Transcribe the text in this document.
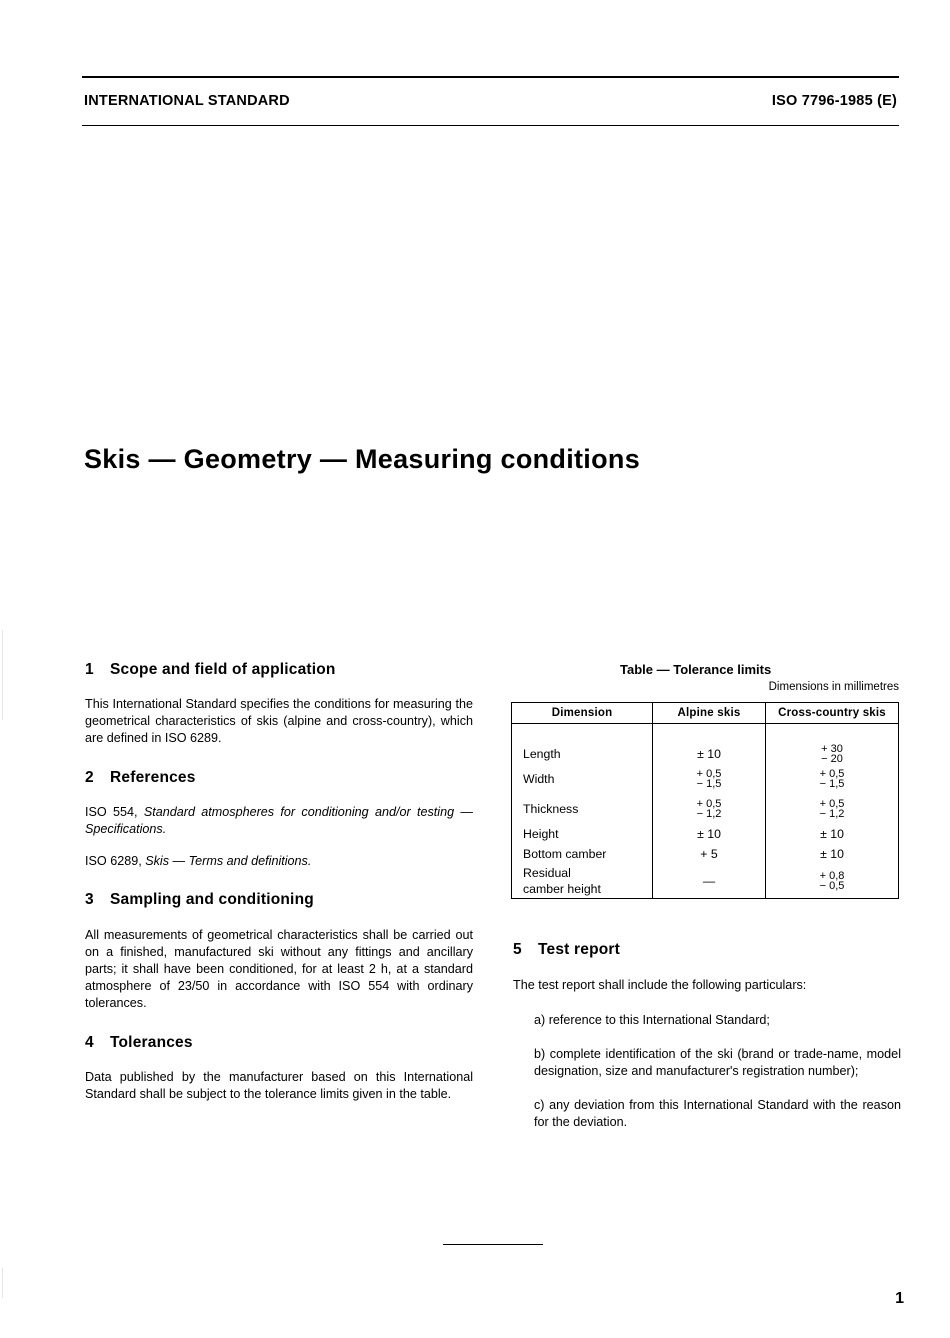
INTERNATIONAL STANDARD	ISO 7796-1985 (E)
Skis — Geometry — Measuring conditions
1 Scope and field of application

This International Standard specifies the conditions for measuring the geometrical characteristics of skis (alpine and cross-country), which are defined in ISO 6289.

2 References

ISO 554, Standard atmospheres for conditioning and/or testing — Specifications.

ISO 6289, Skis — Terms and definitions.

3 Sampling and conditioning

All measurements of geometrical characteristics shall be carried out on a finished, manufactured ski without any fittings and ancillary parts; it shall have been conditioned, for at least 2 h, at a standard atmosphere of 23/50 in accordance with ISO 554 with ordinary tolerances.

4 Tolerances

Data published by the manufacturer based on this International Standard shall be subject to the tolerance limits given in the table.

Table — Tolerance limits
Dimensions in millimetres
Dimension	Alpine skis	Cross-country skis

Length	± 10	+ 30
− 20

Width	+ 0,5
− 1,5	+ 0,5
− 1,5

Thickness	+ 0,5
− 1,2	+ 0,5
− 1,2

Height	± 10	± 10
Bottom camber	+ 5	± 10
Residual
camber height	—	+ 0,8
− 0,5
5 Test report

The test report shall include the following particulars:

a) reference to this International Standard;

b) complete identification of the ski (brand or trade-name, model designation, size and manufacturer's registration number);

c) any deviation from this International Standard with the reason for the deviation.

1
